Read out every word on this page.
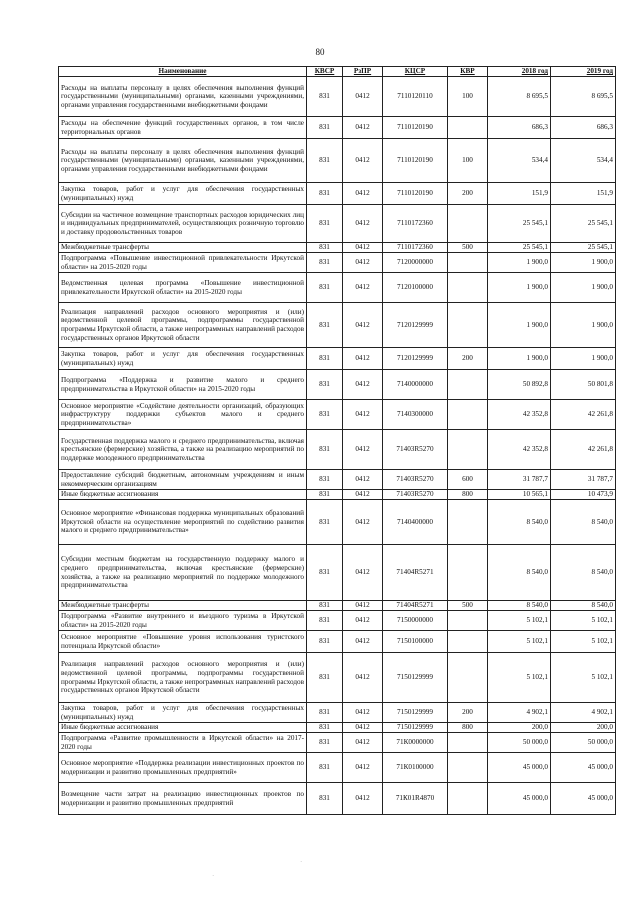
80
Наименование	КВСР	РзПР	КЦСР	КВР	2018 год	2019 год
Расходы на выплаты персоналу в целях обеспечения выполнения функций государственными (муниципальными) органами, казенными учреждениями, органами управления государственными внебюджетными фондами	831	0412	7110120110	100	8 695,5	8 695,5
Расходы на обеспечение функций государственных органов, в том числе территориальных органов	831	0412	7110120190		686,3	686,3
Расходы на выплаты персоналу в целях обеспечения выполнения функций государственными (муниципальными) органами, казенными учреждениями, органами управления государственными внебюджетными фондами	831	0412	7110120190	100	534,4	534,4
Закупка товаров, работ и услуг для обеспечения государственных (муниципальных) нужд	831	0412	7110120190	200	151,9	151,9
Субсидии на частичное возмещение транспортных расходов юридических лиц и индивидуальных предпринимателей, осуществляющих розничную торговлю и доставку продовольственных товаров	831	0412	7110172360		25 545,1	25 545,1
Межбюджетные трансферты	831	0412	7110172360	500	25 545,1	25 545,1
Подпрограмма «Повышение инвестиционной привлекательности Иркутской области» на 2015-2020 годы	831	0412	7120000000		1 900,0	1 900,0
Ведомственная целевая программа «Повышение инвестиционной привлекательности Иркутской области» на 2015-2020 годы	831	0412	7120100000		1 900,0	1 900,0
Реализация направлений расходов основного мероприятия и (или) ведомственной целевой программы, подпрограммы государственной программы Иркутской области, а также непрограммных направлений расходов государственных органов Иркутской области	831	0412	7120129999		1 900,0	1 900,0
Закупка товаров, работ и услуг для обеспечения государственных (муниципальных) нужд	831	0412	7120129999	200	1 900,0	1 900,0
Подпрограмма «Поддержка и развитие малого и среднего предпринимательства в Иркутской области» на 2015-2020 годы	831	0412	7140000000		50 892,8	50 801,8
Основное мероприятие «Содействие деятельности организаций, образующих инфраструктуру поддержки субъектов малого и среднего предпринимательства»	831	0412	7140300000		42 352,8	42 261,8
Государственная поддержка малого и среднего предпринимательства, включая крестьянские (фермерские) хозяйства, а также на реализацию мероприятий по поддержке молодежного предпринимательства	831	0412	71403R5270		42 352,8	42 261,8
Предоставление субсидий бюджетным, автономным учреждениям и иным некоммерческим организациям	831	0412	71403R5270	600	31 787,7	31 787,7
Иные бюджетные ассигнования	831	0412	71403R5270	800	10 565,1	10 473,9
Основное мероприятие «Финансовая поддержка муниципальных образований Иркутской области на осуществление мероприятий по содействию развития малого и среднего предпринимательства»	831	0412	7140400000		8 540,0	8 540,0
Субсидии местным бюджетам на государственную поддержку малого и среднего предпринимательства, включая крестьянские (фермерские) хозяйства, а также на реализацию мероприятий по поддержке молодежного предпринимательства	831	0412	71404R5271		8 540,0	8 540,0
Межбюджетные трансферты	831	0412	71404R5271	500	8 540,0	8 540,0
Подпрограмма «Развитие внутреннего и въездного туризма в Иркутской области» на 2015-2020 годы	831	0412	7150000000		5 102,1	5 102,1
Основное мероприятие «Повышение уровня использования туристского потенциала Иркутской области»	831	0412	7150100000		5 102,1	5 102,1
Реализация направлений расходов основного мероприятия и (или) ведомственной целевой программы, подпрограммы государственной программы Иркутской области, а также непрограммных направлений расходов государственных органов Иркутской области	831	0412	7150129999		5 102,1	5 102,1
Закупка товаров, работ и услуг для обеспечения государственных (муниципальных) нужд	831	0412	7150129999	200	4 902,1	4 902,1
Иные бюджетные ассигнования	831	0412	7150129999	800	200,0	200,0
Подпрограмма «Развитие промышленности в Иркутской области» на 2017-2020 годы	831	0412	71К0000000		50 000,0	50 000,0
Основное мероприятие «Поддержка реализации инвестиционных проектов по модернизации и развитию промышленных предприятий»	831	0412	71К0100000		45 000,0	45 000,0
Возмещение части затрат на реализацию инвестиционных проектов по модернизации и развитию промышленных предприятий	831	0412	71К01R4870		45 000,0	45 000,0
·
·
